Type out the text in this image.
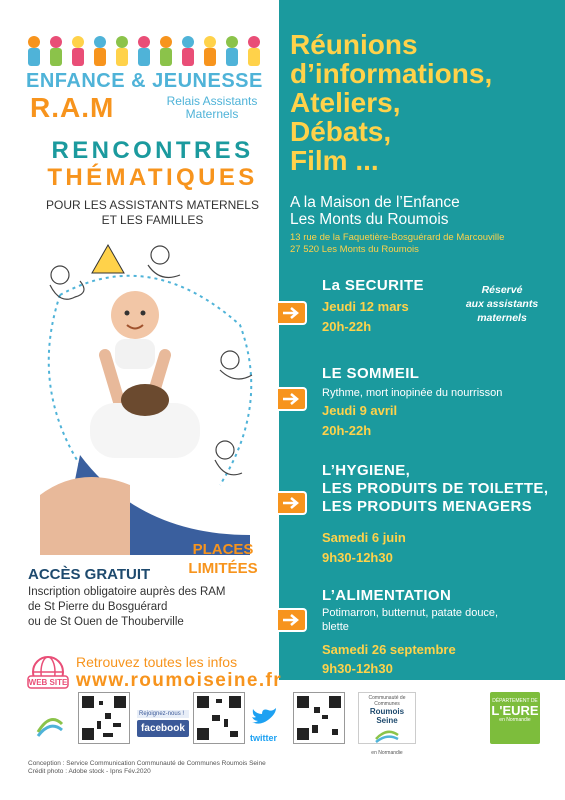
ENFANCE & JEUNESSE
R.A.M	Relais Assistants Maternels
RENCONTRES
THÉMATIQUES
POUR LES ASSISTANTS MATERNELS
ET LES FAMILLES
PLACES
LIMITÉES
ACCÈS GRATUIT
Inscription obligatoire auprès des RAM
de St Pierre du Bosguérard
ou de St Ouen de Thouberville
WEB SITE
Retrouvez toutes les infos
www.roumoiseine.fr
Réunions
d’informations,
Ateliers,
Débats,
Film ...
A la Maison de l’Enfance
Les Monts du Roumois
13 rue de la Faquetière-Bosguérard de Marcouville
27 520 Les Monts du Roumois
La SECURITE
Jeudi 12 mars
20h-22h
Réservé
aux assistants
maternels
LE SOMMEIL
Rythme, mort inopinée du nourrisson
Jeudi 9 avril
20h-22h
L’HYGIENE,
LES PRODUITS DE TOILETTE,
LES PRODUITS MENAGERS
Samedi 6 juin
9h30-12h30
L’ALIMENTATION
Potimarron, butternut, patate douce,
blette
Samedi 26 septembre
9h30-12h30
Rejoignez-nous !
facebook
twitter
Communauté de Communes
Roumois Seine
en Normandie
En
collaboration
avec la PMI
DÉPARTEMENT DE
L'EURE
en Normandie
Conception : Service Communication Communauté de Communes Roumois Seine
Crédit photo : Adobe stock - Ipns Fév.2020
